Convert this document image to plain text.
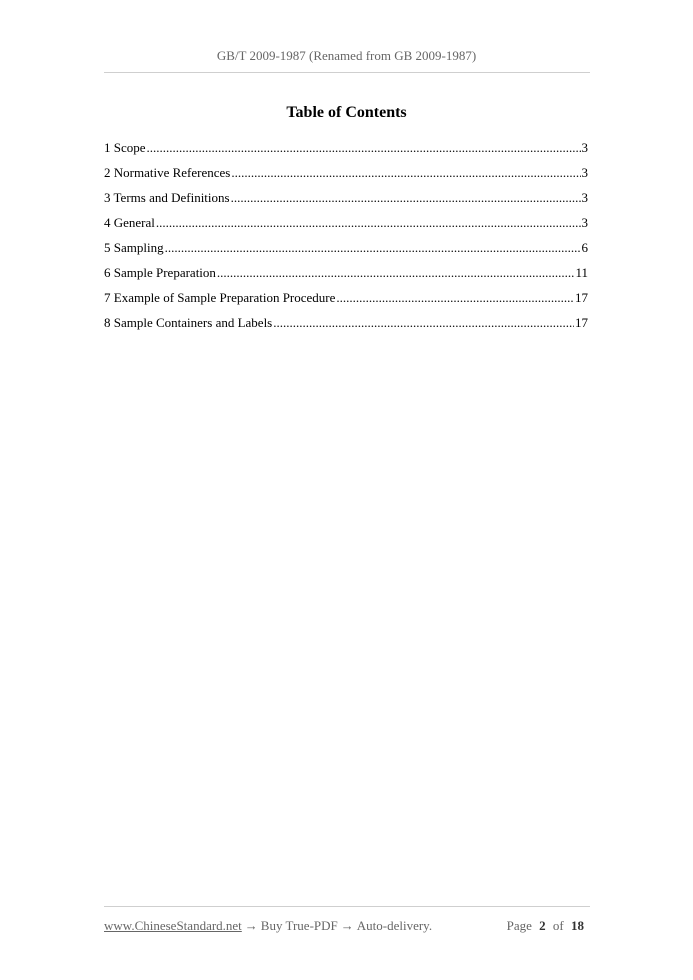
GB/T 2009-1987 (Renamed from GB 2009-1987)
Table of Contents
1 Scope .....	3
2 Normative References .....	3
3 Terms and Definitions .....	3
4 General .....	3
5 Sampling .....	6
6 Sample Preparation .....	11
7 Example of Sample Preparation Procedure .....	17
8 Sample Containers and Labels .....	17
www.ChineseStandard.net → Buy True-PDF → Auto-delivery.	Page 2 of 18
